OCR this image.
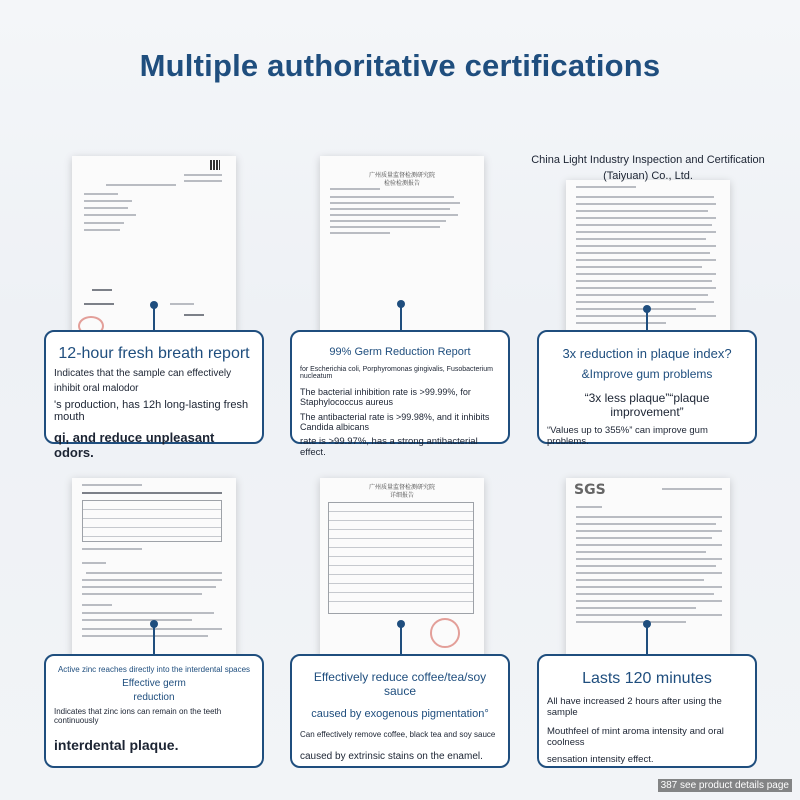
Multiple authoritative certifications
广州质量监督检测研究院
检验检测报告
China Light Industry Inspection and Certification (Taiyuan) Co., Ltd.
广州质量监督检测研究院
详细报告	SGS
12-hour fresh breath report
Indicates that the sample can effectively inhibit oral malodor
's production, has 12h long-lasting fresh mouth
qi, and reduce unpleasant odors.
99% Germ Reduction Report
for Escherichia coli, Porphyromonas gingivalis, Fusobacterium nucleatum
The bacterial inhibition rate is >99.99%, for Staphylococcus aureus
The antibacterial rate is >99.98%, and it inhibits Candida albicans
rate is >99.97%, has a strong antibacterial effect.
3x reduction in plaque index?
&Improve gum problems
“3x less plaque”“plaque improvement”
“Values up to 355%” can improve gum problems.
Active zinc reaches directly into the interdental spaces
Effective germ
reduction
Indicates that zinc ions can remain on the teeth continuously
interdental plaque.
Effectively reduce coffee/tea/soy sauce
caused by exogenous pigmentation°
Can effectively remove coffee, black tea and soy sauce
caused by extrinsic stains on the enamel.
Lasts 120 minutes
All have increased 2 hours after using the sample
Mouthfeel of mint aroma intensity and oral coolness
sensation intensity effect.
387 see product details page
